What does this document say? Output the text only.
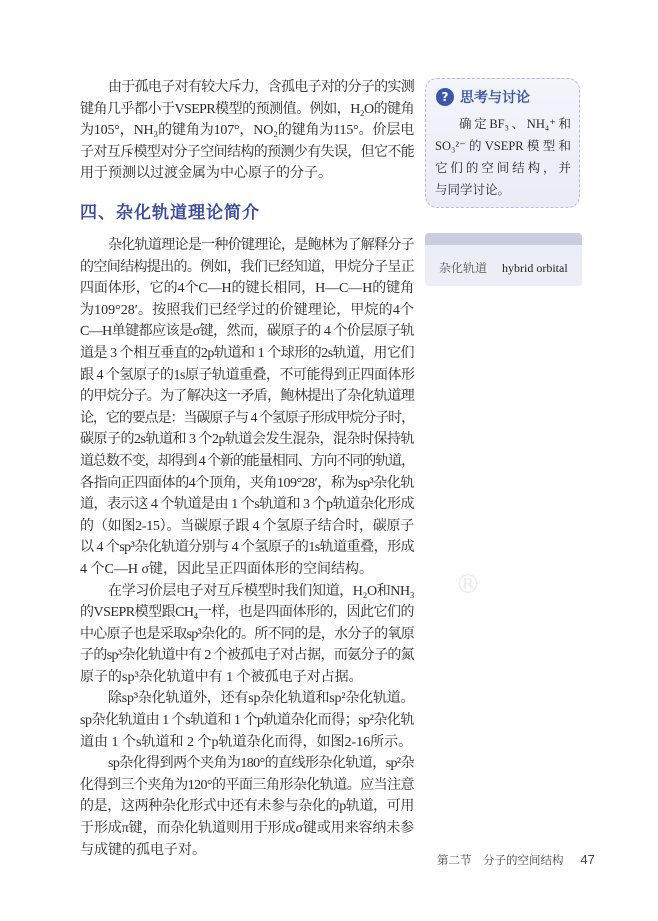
由于孤电子对有较大斥力，含孤电子对的分子的实测
键角几乎都小于VSEPR模型的预测值。例如，H₂O的键角
为105°，NH₃的键角为107°，NO₂的键角为115°。价层电
子对互斥模型对分子空间结构的预测少有失误，但它不能
用于预测以过渡金属为中心原子的分子。
四、杂化轨道理论简介
杂化轨道理论是一种价键理论，是鲍林为了解释分子
的空间结构提出的。例如，我们已经知道，甲烷分子呈正
四面体形，它的4个C—H的键长相同，H—C—H的键角
为109°28′。按照我们已经学过的价键理论，甲烷的4个
C—H单键都应该是σ键，然而，碳原子的 4 个价层原子轨
道是 3 个相互垂直的2p轨道和 1 个球形的2s轨道，用它们
跟 4 个氢原子的1s原子轨道重叠，不可能得到正四面体形
的甲烷分子。为了解决这一矛盾，鲍林提出了杂化轨道理
论，它的要点是：当碳原子与 4 个氢原子形成甲烷分子时，
碳原子的2s轨道和 3 个2p轨道会发生混杂，混杂时保持轨
道总数不变，却得到 4 个新的能量相同、方向不同的轨道，
各指向正四面体的4个顶角，夹角109°28′，称为sp³杂化轨
道，表示这 4 个轨道是由 1 个s轨道和 3 个p轨道杂化形成
的（如图2-15）。当碳原子跟 4 个氢原子结合时，碳原子
以 4 个sp³杂化轨道分别与 4 个氢原子的1s轨道重叠，形成
4 个C—H σ键，因此呈正四面体形的空间结构。
在学习价层电子对互斥模型时我们知道，H₂O和NH₃
的VSEPR模型跟CH₄一样，也是四面体形的，因此它们的
中心原子也是采取sp³杂化的。所不同的是，水分子的氧原
子的sp³杂化轨道中有 2 个被孤电子对占据，而氨分子的氮
原子的sp³杂化轨道中有 1 个被孤电子对占据。
除sp³杂化轨道外，还有sp杂化轨道和sp²杂化轨道。
sp杂化轨道由 1 个s轨道和 1 个p轨道杂化而得；sp²杂化轨
道由 1 个s轨道和 2 个p轨道杂化而得，如图2-16所示。
sp杂化得到两个夹角为180°的直线形杂化轨道，sp²杂
化得到三个夹角为120°的平面三角形杂化轨道。应当注意
的是，这两种杂化形式中还有未参与杂化的p轨道，可用
于形成π键，而杂化轨道则用于形成σ键或用来容纳未参
与成键的孤电子对。
? 思考与讨论
确定BF₃、NH₄⁺和
SO₃²⁻的VSEPR模型和
它们的空间结构，并
与同学讨论。
杂化轨道 hybrid orbital
®
第二节　分子的空间结构 47
